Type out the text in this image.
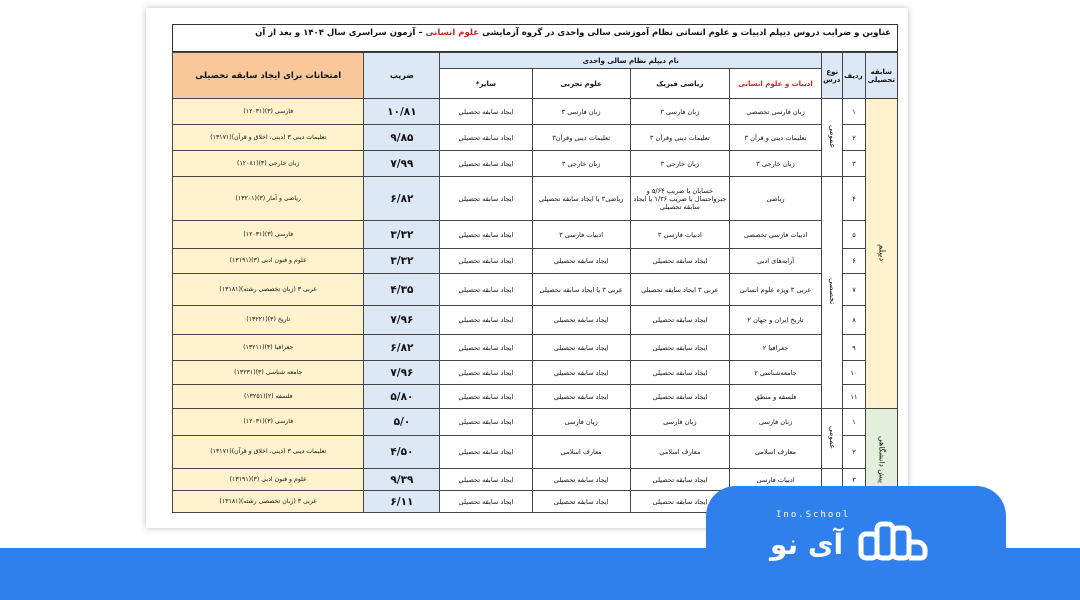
عناوین و ضرایب دروس دیپلم ادبیات و علوم انسانی نظام آموزشی سالی واحدی در گروه آزمایشی علوم انسانی – آزمون سراسری سال ۱۴۰۴ و بعد از آن
سابقه تحصیلی	ردیف	نوع درس	نام دیپلم نظام سالی واحدی				ضریب	امتحانات برای ایجاد سابقه تحصیلی
			ادبیات و علوم انسانی	ریاضی فیزیک	علوم تجربی	سایر*		
دیپلم	۱	عمومی	زبان فارسی تخصصی	زبان فارسی ۳	زبان فارسی ۳	ایجاد سابقه تحصیلی	۱۰/۸۱	فارسی (۳)(۱۲۰۳۱)
	۲		تعلیمات دینی و قرآن ۳	تعلیمات دینی وقرآن ۳	تعلیمات دینی وقرآن۳	ایجاد سابقه تحصیلی	۹/۸۵	تعلیمات دینی ۳ (دینی، اخلاق و قرآن)(۱۳۱۷۱)
	۳		زبان خارجی ۳	زبان خارجی ۳	زبان خارجی ۳	ایجاد سابقه تحصیلی	۷/۹۹	زبان خارجی (۳)(۱۲۰۸۱)
	۴	تخصصی	ریاضی	حسابان با ضریب ۵/۶۴ و جبرواحتمال با ضریب ۱/۳۶ یا ایجاد سابقه تحصیلی	ریاضی۳ یا ایجاد سابقه تحصیلی	ایجاد سابقه تحصیلی	۶/۸۲	ریاضی و آمار (۳)(۱۳۲۰۱)
	۵		ادبیات فارسی تخصصی	ادبیات فارسی ۳	ادبیات فارسی ۳	ایجاد سابقه تحصیلی	۳/۳۲	فارسی (۳)(۱۲۰۳۱)
	۶		آرایه‌های ادبی	ایجاد سابقه تحصیلی	ایجاد سابقه تحصیلی	ایجاد سابقه تحصیلی	۳/۳۲	علوم و فنون ادبی (۳)(۱۳۱۹۱)
	۷		عربی ۳ ویژه علوم انسانی	عربی ۳ ایجاد سابقه تحصیلی	عربی ۳ یا ایجاد سابقه تحصیلی	ایجاد سابقه تحصیلی	۴/۳۵	عربی ۳ (زبان تخصصی رشته)(۱۳۱۸۱)
	۸		تاریخ ایران و جهان ۲	ایجاد سابقه تحصیلی	ایجاد سابقه تحصیلی	ایجاد سابقه تحصیلی	۷/۹۶	تاریخ (۳)(۱۳۲۲۱)
	۹		جغرافیا ۲	ایجاد سابقه تحصیلی	ایجاد سابقه تحصیلی	ایجاد سابقه تحصیلی	۶/۸۲	جغرافیا (۳)(۱۳۲۱۱)
	۱۰		جامعه‌شناسی ۲	ایجاد سابقه تحصیلی	ایجاد سابقه تحصیلی	ایجاد سابقه تحصیلی	۷/۹۶	جامعه شناسی (۳)(۱۳۲۳۱)
	۱۱		فلسفه و منطق	ایجاد سابقه تحصیلی	ایجاد سابقه تحصیلی	ایجاد سابقه تحصیلی	۵/۸۰	فلسفه (۲)(۱۳۲۵۱)
پیش دانشگاهی	۱	عمومی	زبان فارسی	زبان فارسی	زبان فارسی	ایجاد سابقه تحصیلی	۵/۰	فارسی (۳)(۱۲۰۳۱)
	۲		معارف اسلامی	معارف اسلامی	معارف اسلامی	ایجاد سابقه تحصیلی	۴/۵۰	تعلیمات دینی ۳ (دینی، اخلاق و قرآن)(۱۳۱۷۱)
	۳		ادبیات فارسی	ایجاد سابقه تحصیلی	ایجاد سابقه تحصیلی	ایجاد سابقه تحصیلی	۹/۳۹	علوم و فنون ادبی (۳)(۱۳۱۹۱)
				ایجاد سابقه تحصیلی	ایجاد سابقه تحصیلی	ایجاد سابقه تحصیلی	۶/۱۱	عربی ۳ (زبان تخصصی رشته)(۱۳۱۸۱)
Ino.School
آی نو
